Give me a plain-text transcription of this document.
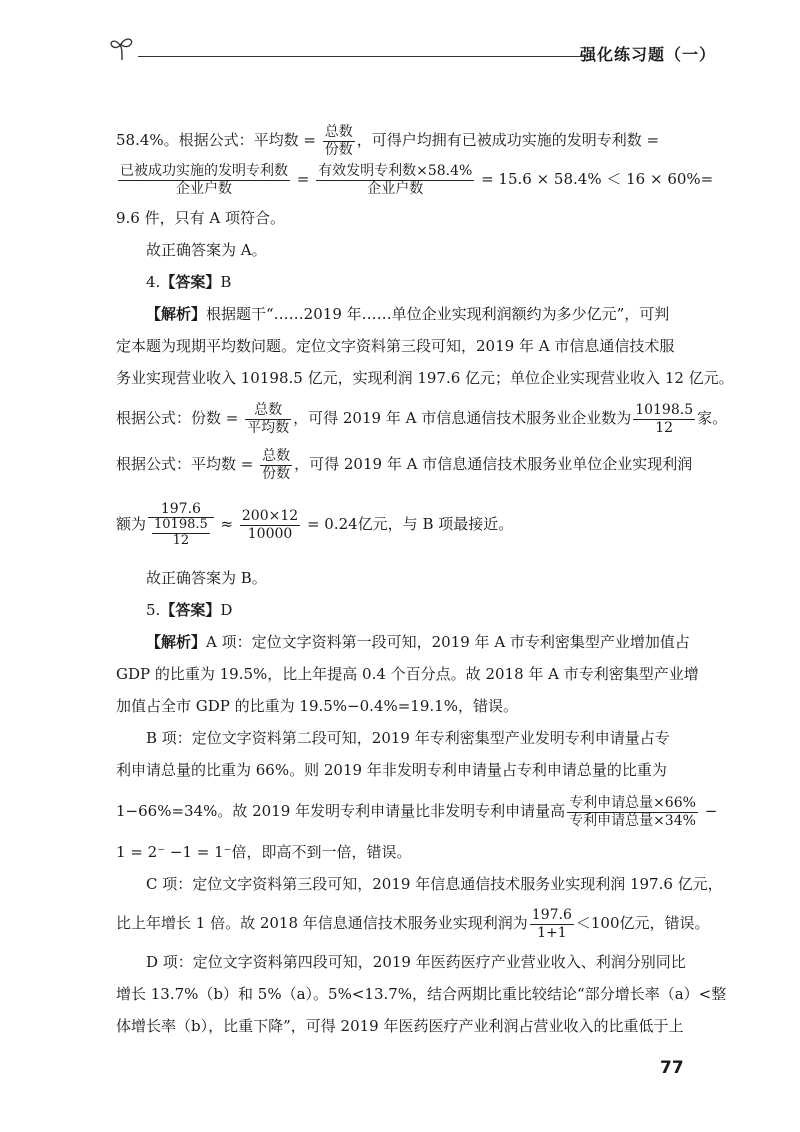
强化练习题（一）
58.4%。根据公式：平均数 = $\frac{\text{总数}}{\text{份数}}$ ，可得户均拥有已被成功实施的发明专利数 =
$\frac{\text{已被成功实施的发明专利数}}{\text{企业户数}} = \frac{\text{有效发明专利数×58.4\%}}{\text{企业户数}} = 15.6 \times 58.4\% < 16 \times 60\%=$
9.6 件，只有 A 项符合。
故正确答案为 A。
4.【答案】B
【解析】根据题干“……2019 年……单位企业实现利润额约为多少亿元”，可判
定本题为现期平均数问题。定位文字资料第三段可知，2019 年 A 市信息通信技术服
务业实现营业收入 10198.5 亿元，实现利润 197.6 亿元；单位企业实现营业收入 12 亿元。
根据公式：份数 = $\frac{\text{总数}}{\text{平均数}}$ ，可得 2019 年 A 市信息通信技术服务业企业数为 $\frac{10198.5}{12}$ 家。
根据公式：平均数 = $\frac{\text{总数}}{\text{份数}}$ ，可得 2019 年 A 市信息通信技术服务业单位企业实现利润
额为 $\frac{197.6}{\frac{10198.5}{12}} \approx \frac{200\times 12}{10000} = 0.24$亿元，与 B 项最接近。
故正确答案为 B。
5.【答案】D
【解析】A 项：定位文字资料第一段可知，2019 年 A 市专利密集型产业增加值占
GDP 的比重为 19.5%，比上年提高 0.4 个百分点。故 2018 年 A 市专利密集型产业增
加值占全市 GDP 的比重为 19.5%−0.4%=19.1%，错误。
B 项：定位文字资料第二段可知，2019 年专利密集型产业发明专利申请量占专
利申请总量的比重为 66%。则 2019 年非发明专利申请量占专利申请总量的比重为
1−66%=34%。故 2019 年发明专利申请量比非发明专利申请量高 $\frac{\text{专利申请总量×66\%}}{\text{专利申请总量×34\%}}$ −
1 = 2⁻ −1 = 1⁻倍，即高不到一倍，错误。
C 项：定位文字资料第三段可知，2019 年信息通信技术服务业实现利润 197.6 亿元，
比上年增长 1 倍。故 2018 年信息通信技术服务业实现利润为 $\frac{197.6}{1+1} <100$亿元，错误。
D 项：定位文字资料第四段可知，2019 年医药医疗产业营业收入、利润分别同比
增长 13.7%（b）和 5%（a）。5%<13.7%，结合两期比重比较结论“部分增长率（a）<整
体增长率（b），比重下降”，可得 2019 年医药医疗产业利润占营业收入的比重低于上
77
